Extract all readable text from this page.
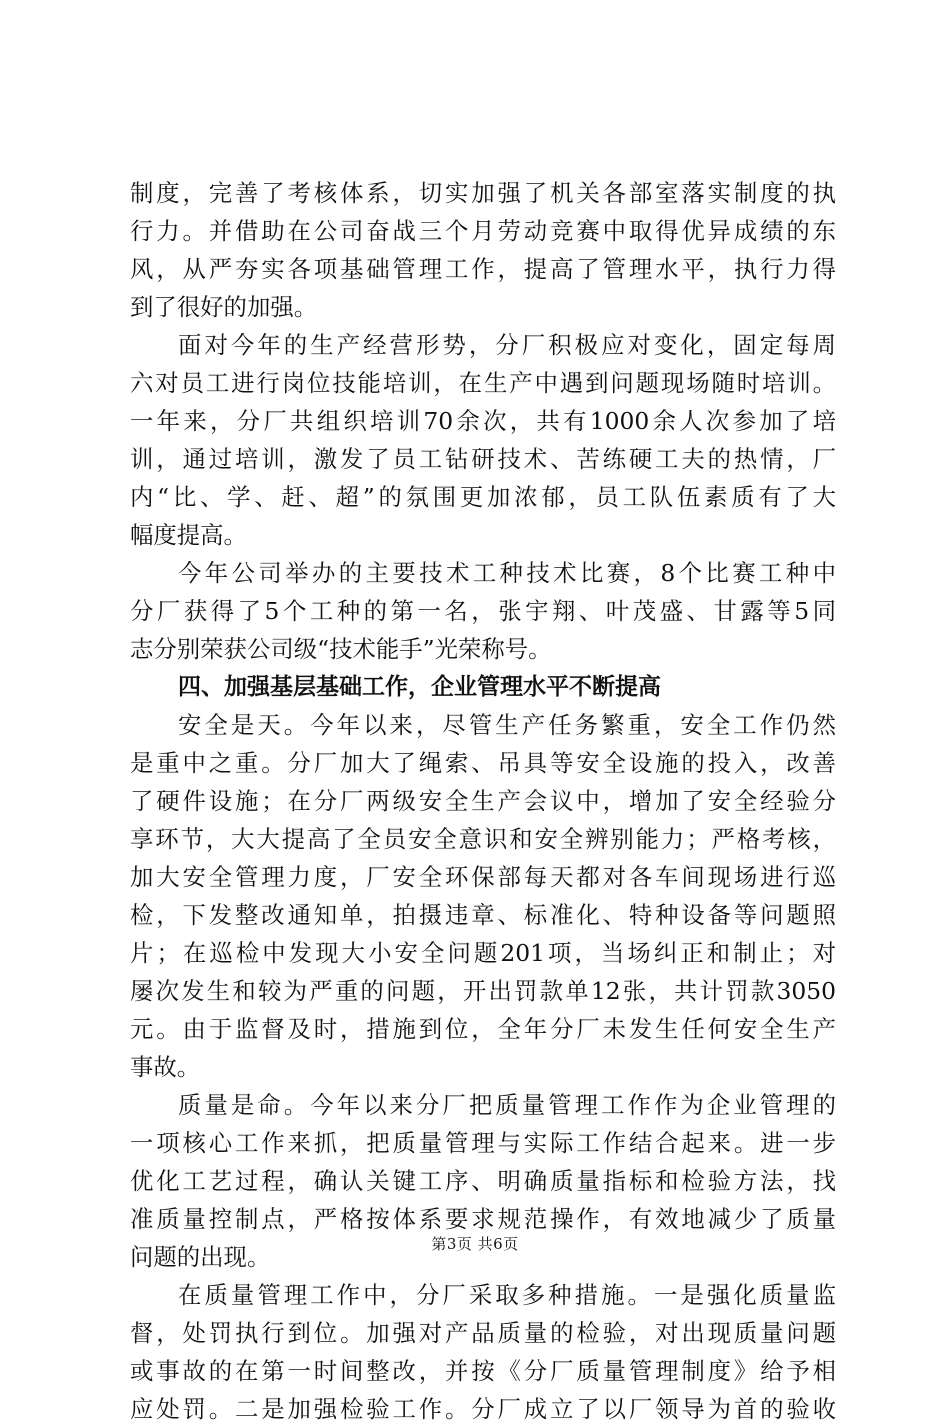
制度，完善了考核体系，切实加强了机关各部室落实制度的执
行力。并借助在公司奋战三个月劳动竞赛中取得优异成绩的东
风，从严夯实各项基础管理工作，提高了管理水平，执行力得
到了很好的加强。
面对今年的生产经营形势，分厂积极应对变化，固定每周
六对员工进行岗位技能培训，在生产中遇到问题现场随时培训。
一年来，分厂共组织培训70余次，共有1000余人次参加了培
训，通过培训，激发了员工钻研技术、苦练硬工夫的热情，厂
内“比、学、赶、超”的氛围更加浓郁，员工队伍素质有了大
幅度提高。
今年公司举办的主要技术工种技术比赛，8个比赛工种中
分厂获得了5个工种的第一名，张宇翔、叶茂盛、甘露等5同
志分别荣获公司级“技术能手”光荣称号。
四、加强基层基础工作，企业管理水平不断提高
安全是天。今年以来，尽管生产任务繁重，安全工作仍然
是重中之重。分厂加大了绳索、吊具等安全设施的投入，改善
了硬件设施；在分厂两级安全生产会议中，增加了安全经验分
享环节，大大提高了全员安全意识和安全辨别能力；严格考核，
加大安全管理力度，厂安全环保部每天都对各车间现场进行巡
检，下发整改通知单，拍摄违章、标准化、特种设备等问题照
片；在巡检中发现大小安全问题201项，当场纠正和制止；对
屡次发生和较为严重的问题，开出罚款单12张，共计罚款3050
元。由于监督及时，措施到位，全年分厂未发生任何安全生产
事故。
质量是命。今年以来分厂把质量管理工作作为企业管理的
一项核心工作来抓，把质量管理与实际工作结合起来。进一步
优化工艺过程，确认关键工序、明确质量指标和检验方法，找
准质量控制点，严格按体系要求规范操作，有效地减少了质量
问题的出现。
在质量管理工作中，分厂采取多种措施。一是强化质量监
督，处罚执行到位。加强对产品质量的检验，对出现质量问题
或事故的在第一时间整改，并按《分厂质量管理制度》给予相
应处罚。二是加强检验工作。分厂成立了以厂领导为首的验收
第3页 共6页
